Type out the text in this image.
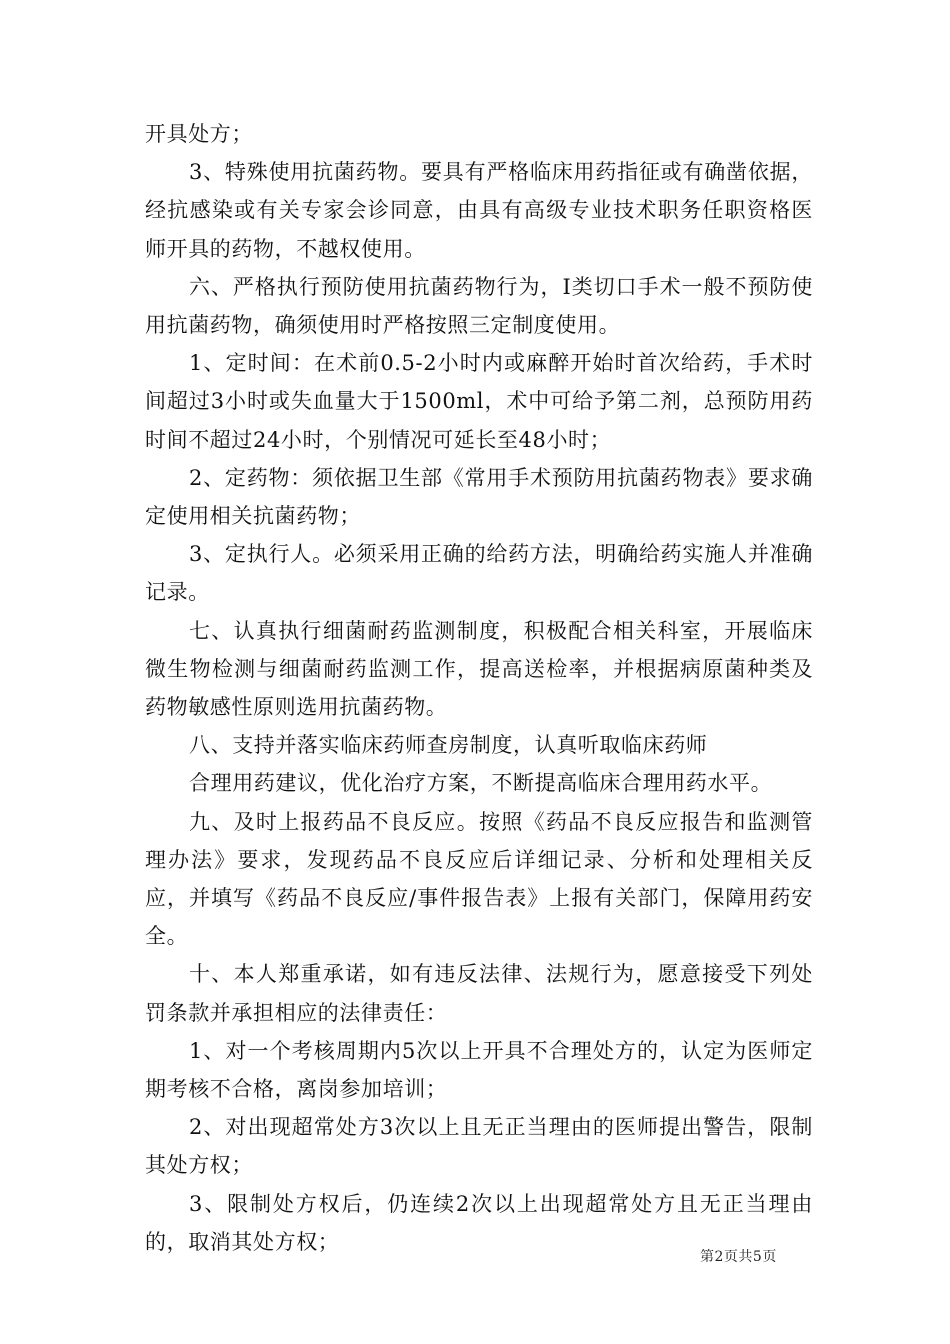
开具处方；

3、特殊使用抗菌药物。要具有严格临床用药指征或有确凿依据，经抗感染或有关专家会诊同意，由具有高级专业技术职务任职资格医师开具的药物，不越权使用。

六、严格执行预防使用抗菌药物行为，Ⅰ类切口手术一般不预防使用抗菌药物，确须使用时严格按照三定制度使用。

1、定时间：在术前0.5-2小时内或麻醉开始时首次给药，手术时间超过3小时或失血量大于1500ml，术中可给予第二剂，总预防用药时间不超过24小时，个别情况可延长至48小时；

2、定药物：须依据卫生部《常用手术预防用抗菌药物表》要求确定使用相关抗菌药物；

3、定执行人。必须采用正确的给药方法，明确给药实施人并准确记录。

七、认真执行细菌耐药监测制度，积极配合相关科室，开展临床微生物检测与细菌耐药监测工作，提高送检率，并根据病原菌种类及药物敏感性原则选用抗菌药物。

八、支持并落实临床药师查房制度，认真听取临床药师

合理用药建议，优化治疗方案，不断提高临床合理用药水平。

九、及时上报药品不良反应。按照《药品不良反应报告和监测管理办法》要求，发现药品不良反应后详细记录、分析和处理相关反应，并填写《药品不良反应/事件报告表》上报有关部门，保障用药安全。

十、本人郑重承诺，如有违反法律、法规行为，愿意接受下列处罚条款并承担相应的法律责任：

1、对一个考核周期内5次以上开具不合理处方的，认定为医师定期考核不合格，离岗参加培训；

2、对出现超常处方3次以上且无正当理由的医师提出警告，限制其处方权；

3、限制处方权后，仍连续2次以上出现超常处方且无正当理由的，取消其处方权；

第2页共5页
